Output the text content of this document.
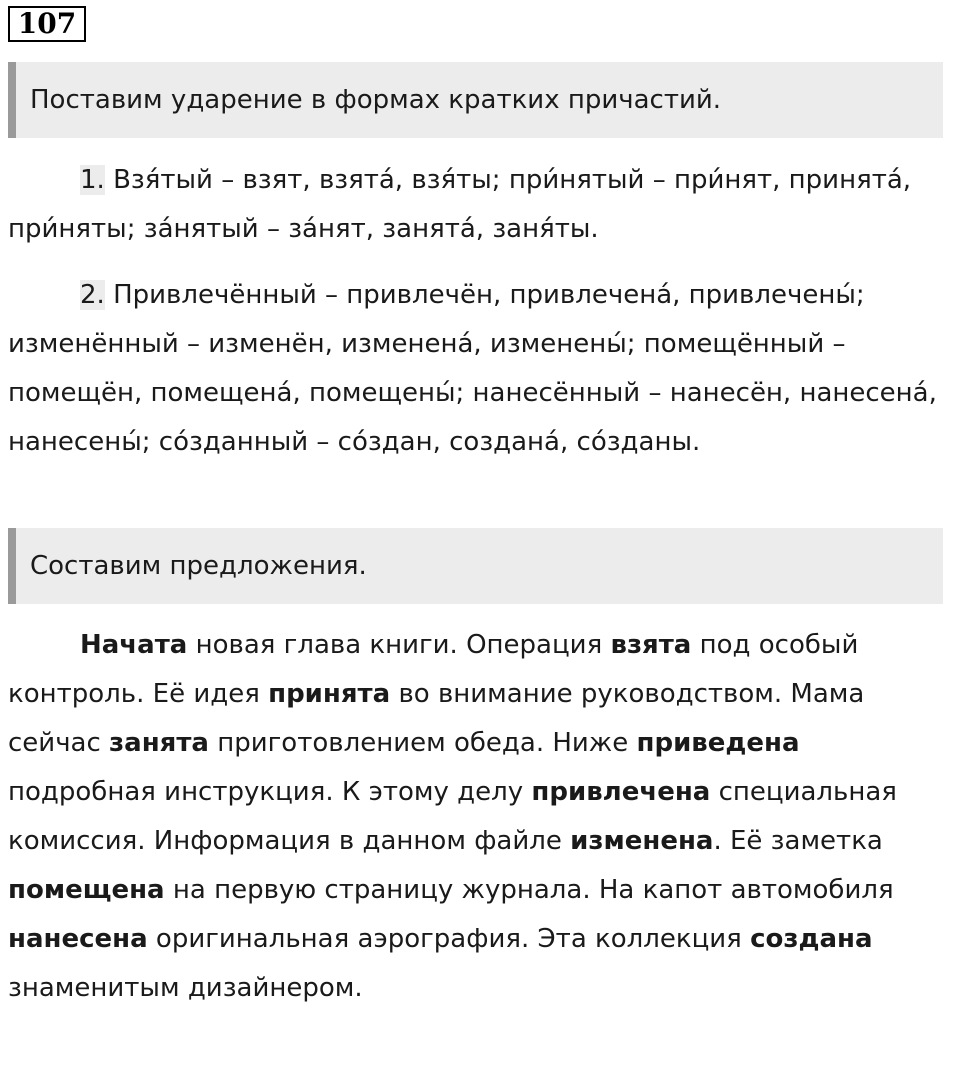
107
Поставим ударение в формах кратких причастий.

1. Взя́тый – взят, взята́, взя́ты; при́нятый – при́нят, принята́, при́няты; за́нятый – за́нят, занята́, заня́ты.

2. Привлечённый – привлечён, привлечена́, привлечены́; изменённый – изменён, изменена́, изменены́; помещённый – помещён, помещена́, помещены́; нанесённый – нанесён, нанесена́, нанесены́; со́зданный – со́здан, создана́, со́зданы.

Составим предложения.

Начата новая глава книги. Операция взята под особый контроль. Её идея принята во внимание руководством. Мама сейчас занята приготовлением обеда. Ниже приведена подробная инструкция. К этому делу привлечена специальная комиссия. Информация в данном файле изменена. Её заметка помещена на первую страницу журнала. На капот автомобиля нанесена оригинальная аэрография. Эта коллекция создана знаменитым дизайнером.
